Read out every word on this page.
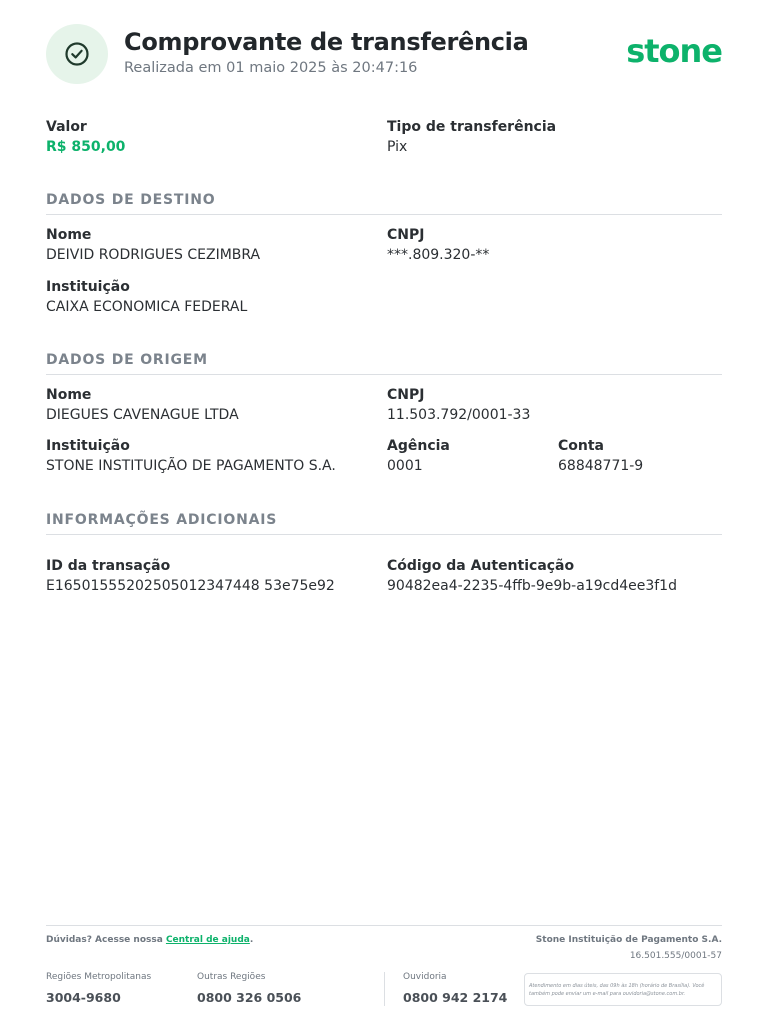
Comprovante de transferência
Realizada em 01 maio 2025 às 20:47:16	stone
Valor
R$ 850,00
Tipo de transferência
Pix
DADOS DE DESTINO
Nome
DEIVID RODRIGUES CEZIMBRA
CNPJ
***.809.320-**
Instituição
CAIXA ECONOMICA FEDERAL
DADOS DE ORIGEM
Nome
DIEGUES CAVENAGUE LTDA
CNPJ
11.503.792/0001-33
Instituição
STONE INSTITUIÇÃO DE PAGAMENTO S.A.
Agência
0001
Conta
68848771-9
INFORMAÇÕES ADICIONAIS
ID da transação
E16501555202505012347448 53e75e92
Código da Autenticação
90482ea4-2235-4ffb-9e9b-a19cd4ee3f1d
Dúvidas? Acesse nossa Central de ajuda.	Stone Instituição de Pagamento S.A.
16.501.555/0001-57
Regiões Metropolitanas
3004-9680
Outras Regiões
0800 326 0506
Ouvidoria
0800 942 2174
Atendimento em dias úteis, das 09h às 18h (horário de Brasília). Você também pode enviar um e-mail para ouvidoria@stone.com.br.
